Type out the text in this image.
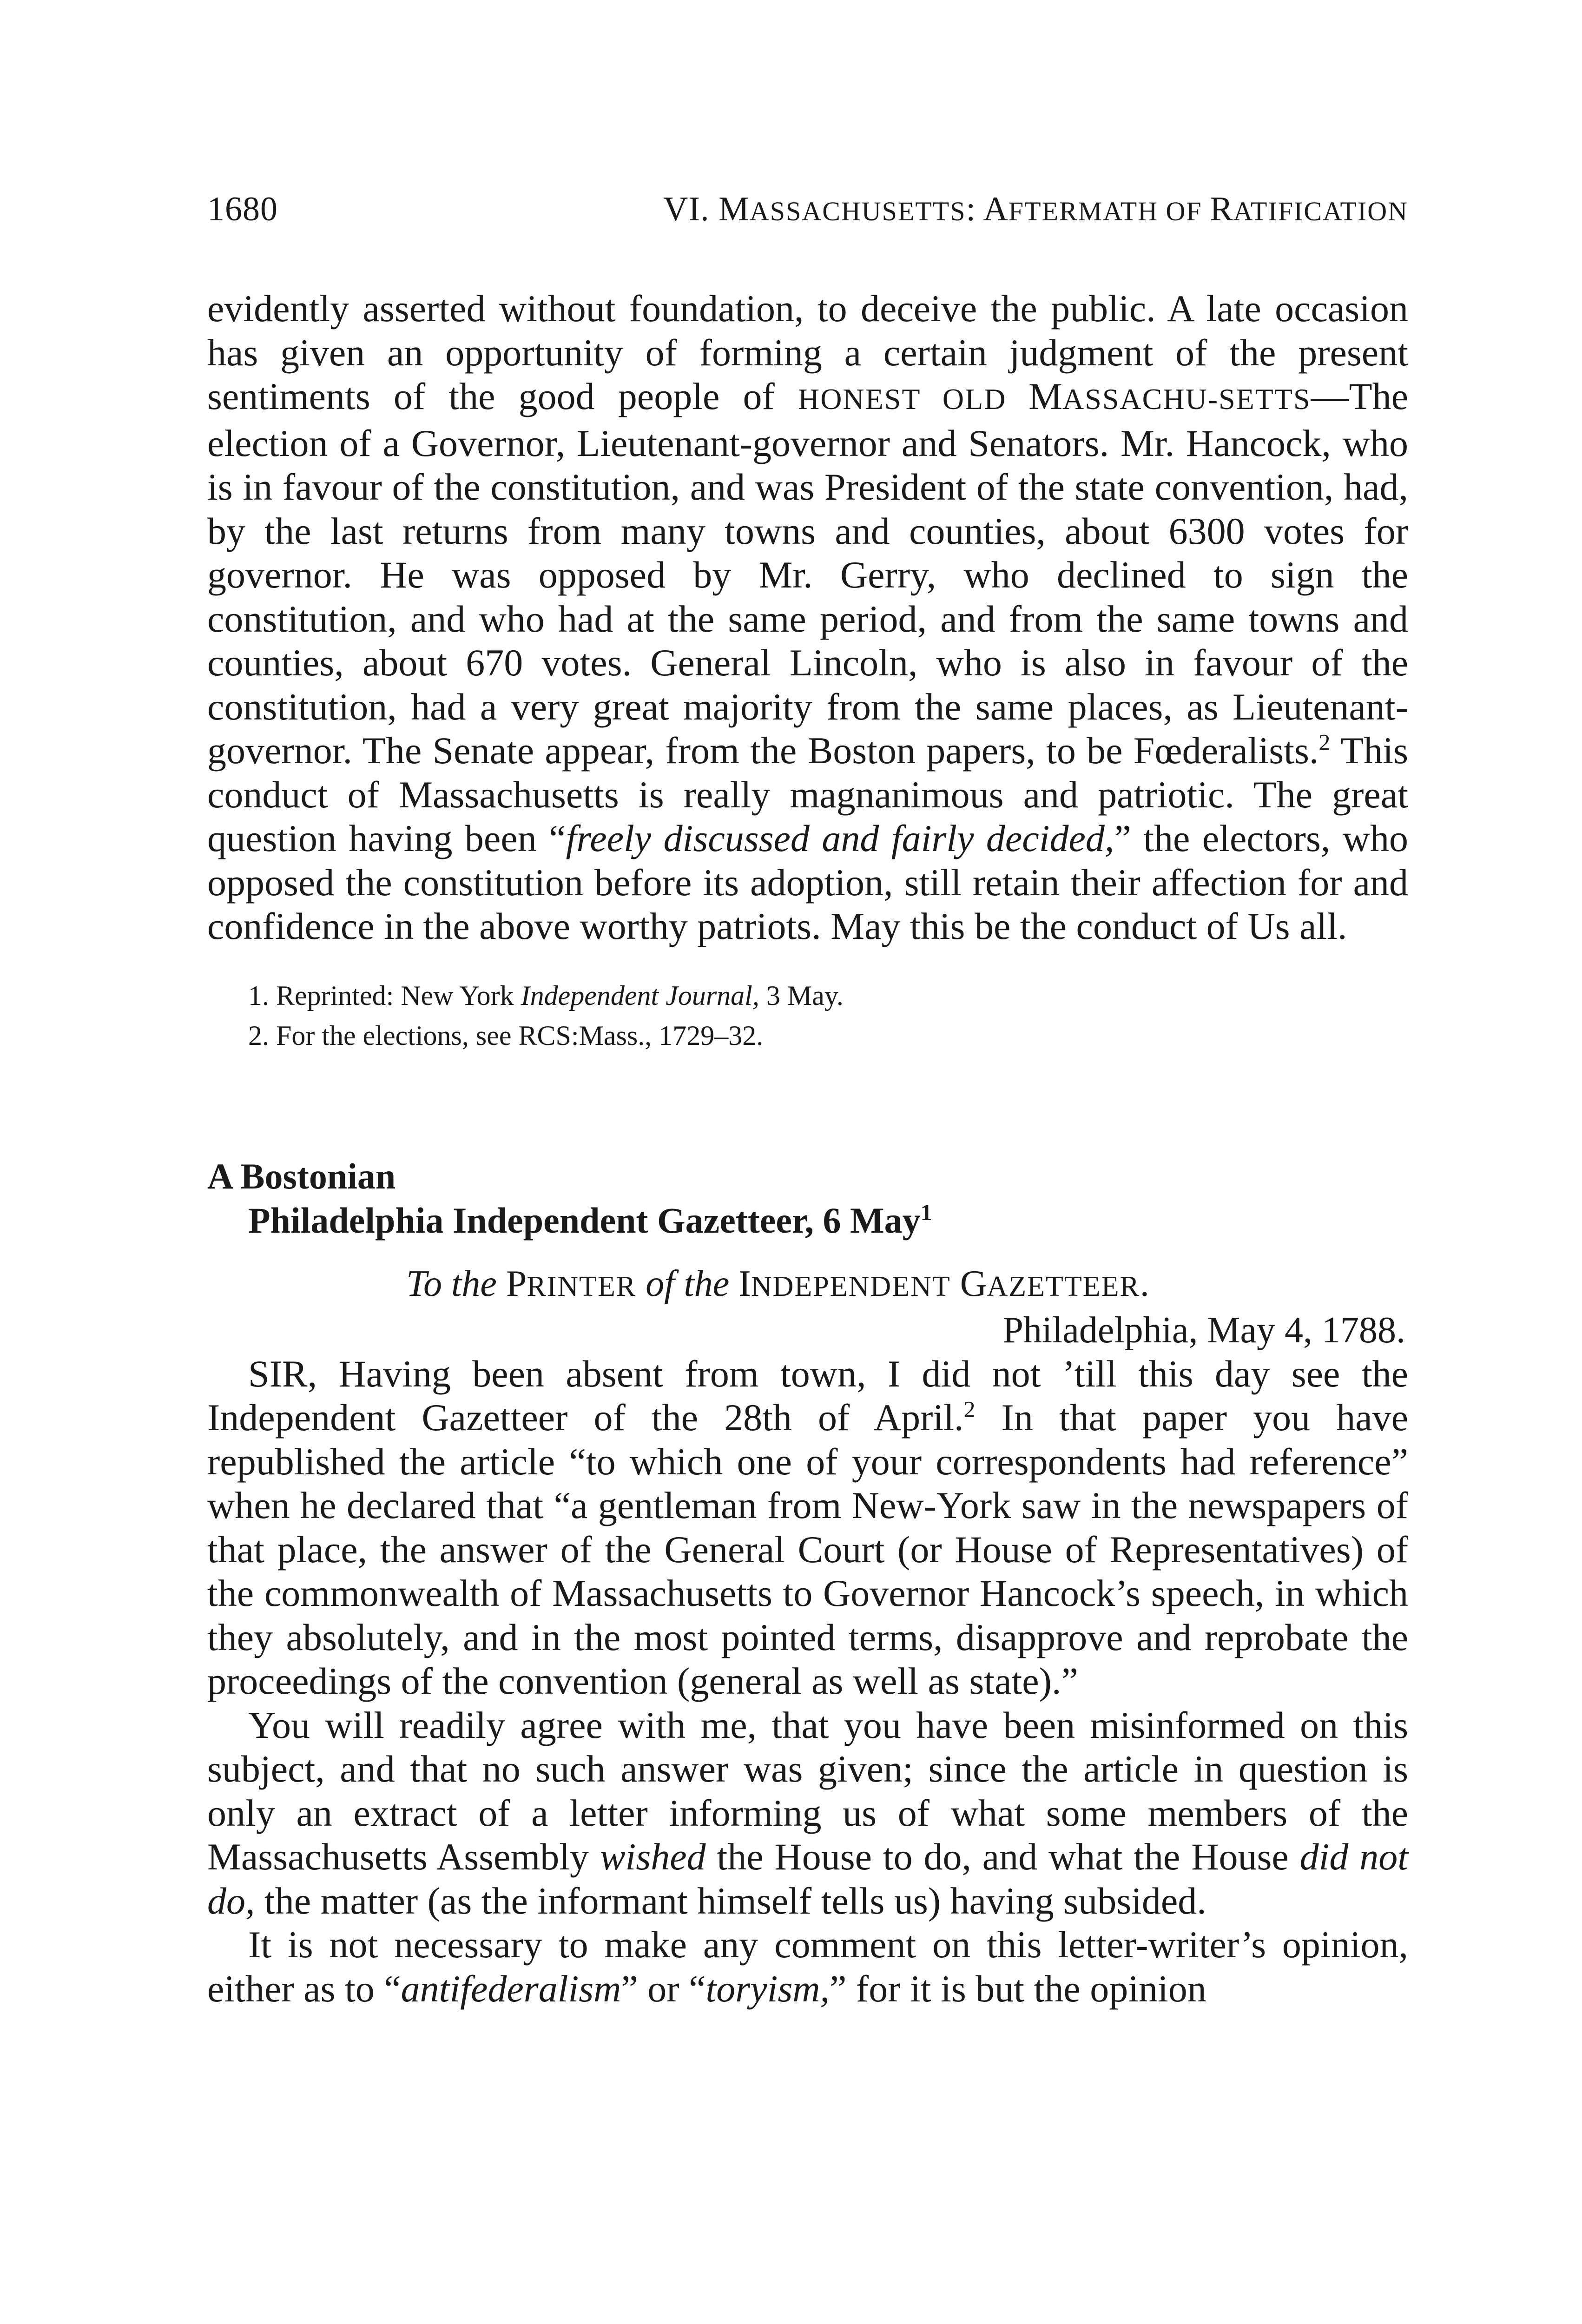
1680	VI. MASSACHUSETTS: AFTERMATH OF RATIFICATION

evidently asserted without foundation, to deceive the public. A late occasion has given an opportunity of forming a certain judgment of the present sentiments of the good people of HONEST OLD MASSACHU-SETTS—The election of a Governor, Lieutenant-governor and Senators. Mr. Hancock, who is in favour of the constitution, and was President of the state convention, had, by the last returns from many towns and counties, about 6300 votes for governor. He was opposed by Mr. Gerry, who declined to sign the constitution, and who had at the same period, and from the same towns and counties, about 670 votes. General Lincoln, who is also in favour of the constitution, had a very great majority from the same places, as Lieutenant-governor. The Senate appear, from the Boston papers, to be Fœderalists.$^2$ This conduct of Massachusetts is really magnanimous and patriotic. The great question having been “freely discussed and fairly decided,” the electors, who opposed the constitution before its adoption, still retain their affection for and confidence in the above worthy patriots. May this be the conduct of Us all.

1. Reprinted: New York Independent Journal, 3 May.

2. For the elections, see RCS:Mass., 1729–32.

A Bostonian
Philadelphia Independent Gazetteer, 6 May$^1$
To the PRINTER of the INDEPENDENT GAZETTEER.
Philadelphia, May 4, 1788.

SIR, Having been absent from town, I did not ’till this day see the Independent Gazetteer of the 28th of April.$^2$ In that paper you have republished the article “to which one of your correspondents had reference” when he declared that “a gentleman from New-York saw in the newspapers of that place, the answer of the General Court (or House of Representatives) of the commonwealth of Massachusetts to Governor Hancock’s speech, in which they absolutely, and in the most pointed terms, disapprove and reprobate the proceedings of the convention (general as well as state).”

You will readily agree with me, that you have been misinformed on this subject, and that no such answer was given; since the article in question is only an extract of a letter informing us of what some members of the Massachusetts Assembly wished the House to do, and what the House did not do, the matter (as the informant himself tells us) having subsided.

It is not necessary to make any comment on this letter-writer’s opinion, either as to “antifederalism” or “toryism,” for it is but the opinion
